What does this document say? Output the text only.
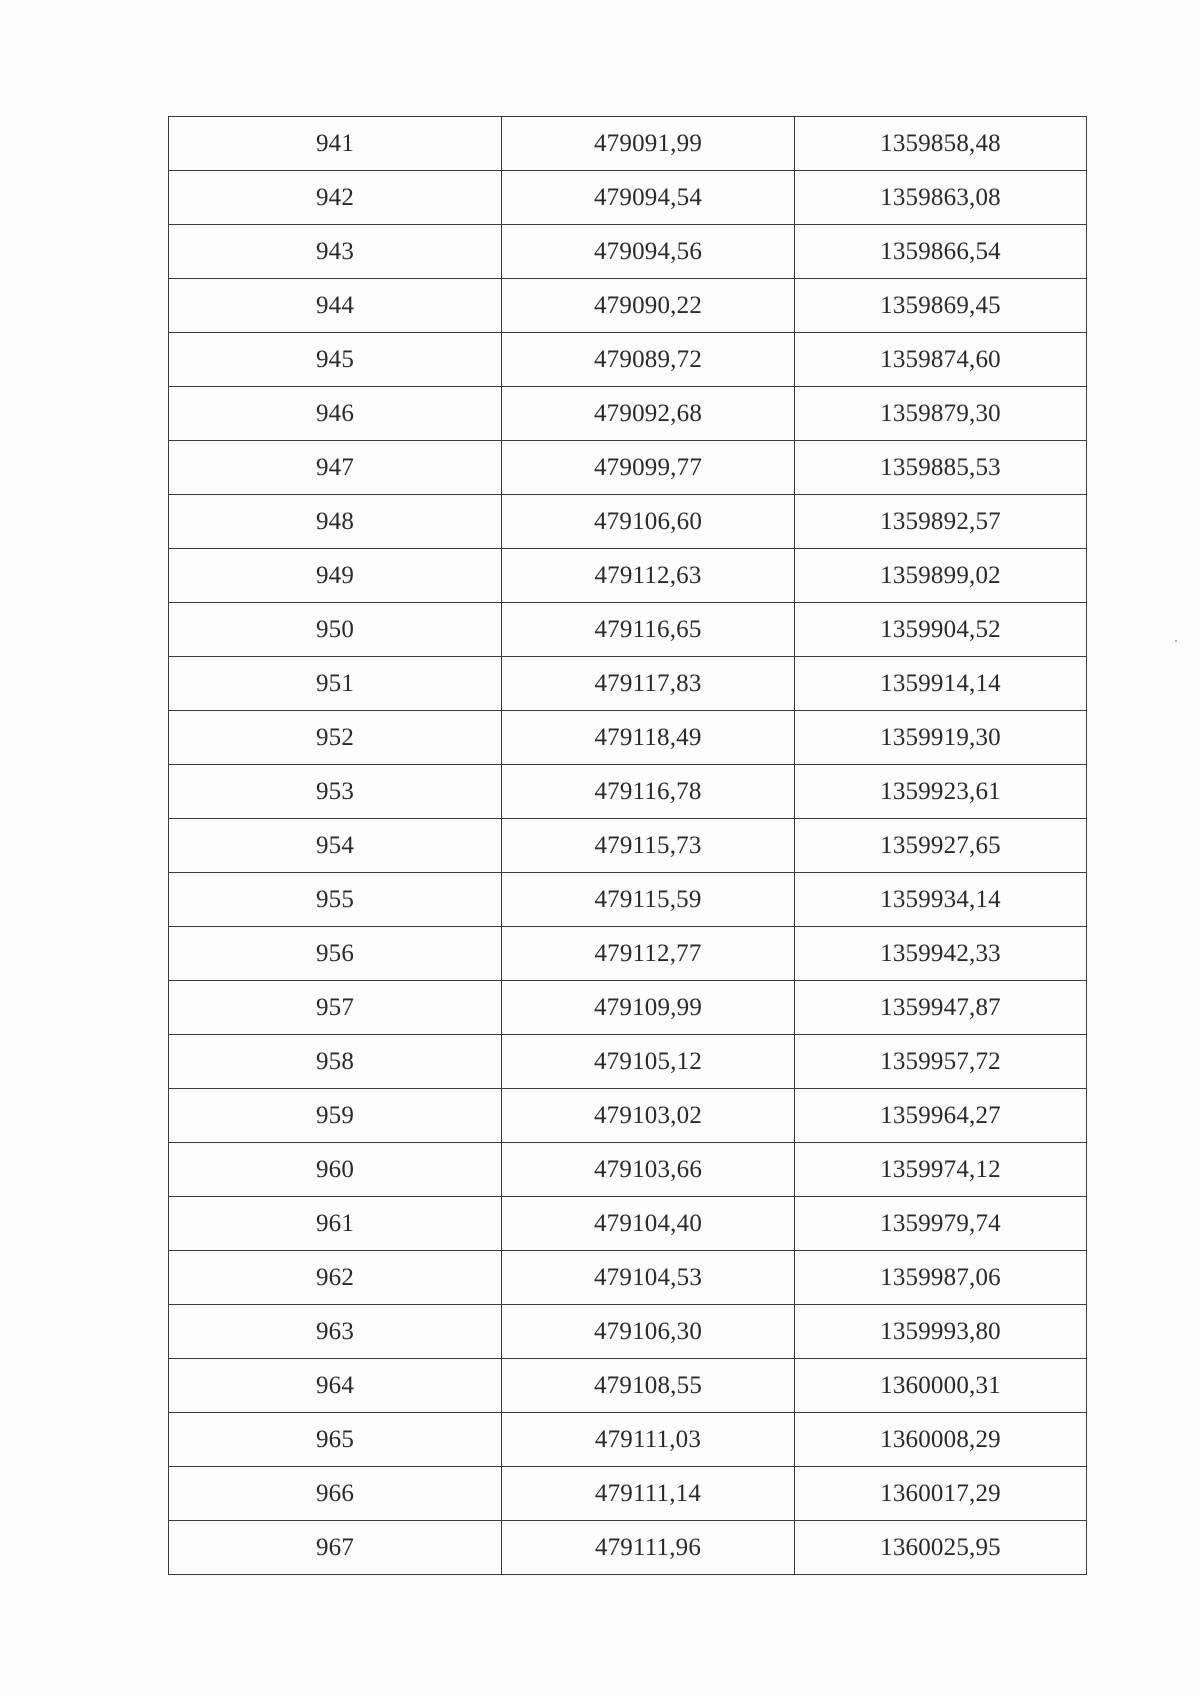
941	479091,99	1359858,48
942	479094,54	1359863,08
943	479094,56	1359866,54
944	479090,22	1359869,45
945	479089,72	1359874,60
946	479092,68	1359879,30
947	479099,77	1359885,53
948	479106,60	1359892,57
949	479112,63	1359899,02
950	479116,65	1359904,52
951	479117,83	1359914,14
952	479118,49	1359919,30
953	479116,78	1359923,61
954	479115,73	1359927,65
955	479115,59	1359934,14
956	479112,77	1359942,33
957	479109,99	1359947,87
958	479105,12	1359957,72
959	479103,02	1359964,27
960	479103,66	1359974,12
961	479104,40	1359979,74
962	479104,53	1359987,06
963	479106,30	1359993,80
964	479108,55	1360000,31
965	479111,03	1360008,29
966	479111,14	1360017,29
967	479111,96	1360025,95
